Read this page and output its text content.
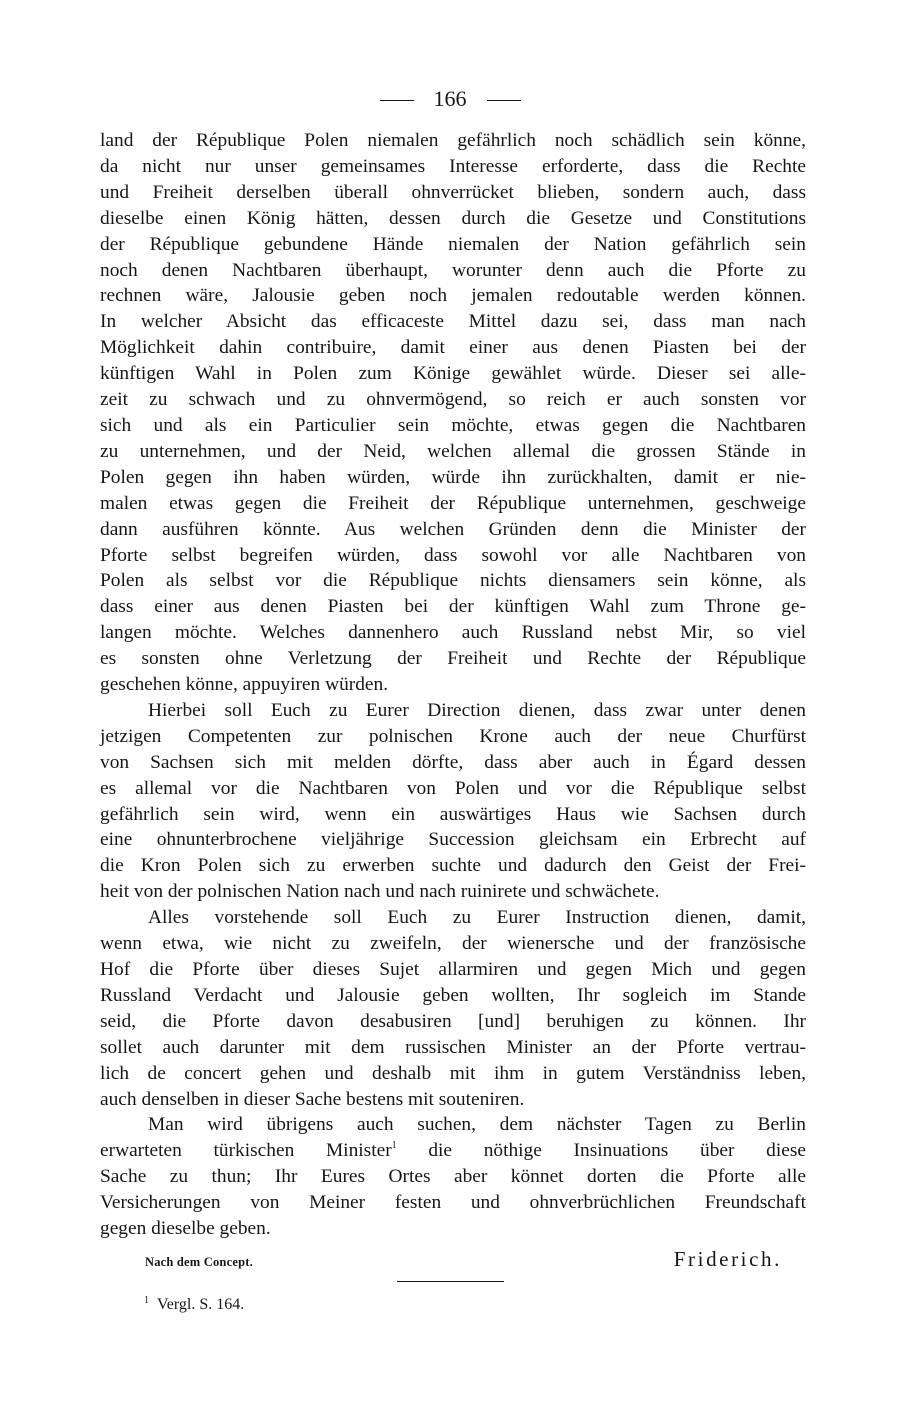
166
land der République Polen niemalen gefährlich noch schädlich sein könne,
da nicht nur unser gemeinsames Interesse erforderte, dass die Rechte
und Freiheit derselben überall ohnverrücket blieben, sondern auch, dass
dieselbe einen König hätten, dessen durch die Gesetze und Constitutions
der République gebundene Hände niemalen der Nation gefährlich sein
noch denen Nachtbaren überhaupt, worunter denn auch die Pforte zu
rechnen wäre, Jalousie geben noch jemalen redoutable werden können.
In welcher Absicht das efficaceste Mittel dazu sei, dass man nach
Möglichkeit dahin contribuire, damit einer aus denen Piasten bei der
künftigen Wahl in Polen zum Könige gewählet würde. Dieser sei alle-
zeit zu schwach und zu ohnvermögend, so reich er auch sonsten vor
sich und als ein Particulier sein möchte, etwas gegen die Nachtbaren
zu unternehmen, und der Neid, welchen allemal die grossen Stände in
Polen gegen ihn haben würden, würde ihn zurückhalten, damit er nie-
malen etwas gegen die Freiheit der République unternehmen, geschweige
dann ausführen könnte. Aus welchen Gründen denn die Minister der
Pforte selbst begreifen würden, dass sowohl vor alle Nachtbaren von
Polen als selbst vor die République nichts diensamers sein könne, als
dass einer aus denen Piasten bei der künftigen Wahl zum Throne ge-
langen möchte. Welches dannenhero auch Russland nebst Mir, so viel
es sonsten ohne Verletzung der Freiheit und Rechte der République
geschehen könne, appuyiren würden.
Hierbei soll Euch zu Eurer Direction dienen, dass zwar unter denen
jetzigen Competenten zur polnischen Krone auch der neue Churfürst
von Sachsen sich mit melden dörfte, dass aber auch in Égard dessen
es allemal vor die Nachtbaren von Polen und vor die République selbst
gefährlich sein wird, wenn ein auswärtiges Haus wie Sachsen durch
eine ohnunterbrochene vieljährige Succession gleichsam ein Erbrecht auf
die Kron Polen sich zu erwerben suchte und dadurch den Geist der Frei-
heit von der polnischen Nation nach und nach ruinirete und schwächete.
Alles vorstehende soll Euch zu Eurer Instruction dienen, damit,
wenn etwa, wie nicht zu zweifeln, der wienersche und der französische
Hof die Pforte über dieses Sujet allarmiren und gegen Mich und gegen
Russland Verdacht und Jalousie geben wollten, Ihr sogleich im Stande
seid, die Pforte davon desabusiren [und] beruhigen zu können. Ihr
sollet auch darunter mit dem russischen Minister an der Pforte vertrau-
lich de concert gehen und deshalb mit ihm in gutem Verständniss leben,
auch denselben in dieser Sache bestens mit souteniren.
Man wird übrigens auch suchen, dem nächster Tagen zu Berlin
erwarteten türkischen Minister$^1$ die nöthige Insinuations über diese
Sache zu thun; Ihr Eures Ortes aber könnet dorten die Pforte alle
Versicherungen von Meiner festen und ohnverbrüchlichen Freundschaft
gegen dieselbe geben.
Nach dem Concept.	Friderich.
$^1$ Vergl. S. 164.
